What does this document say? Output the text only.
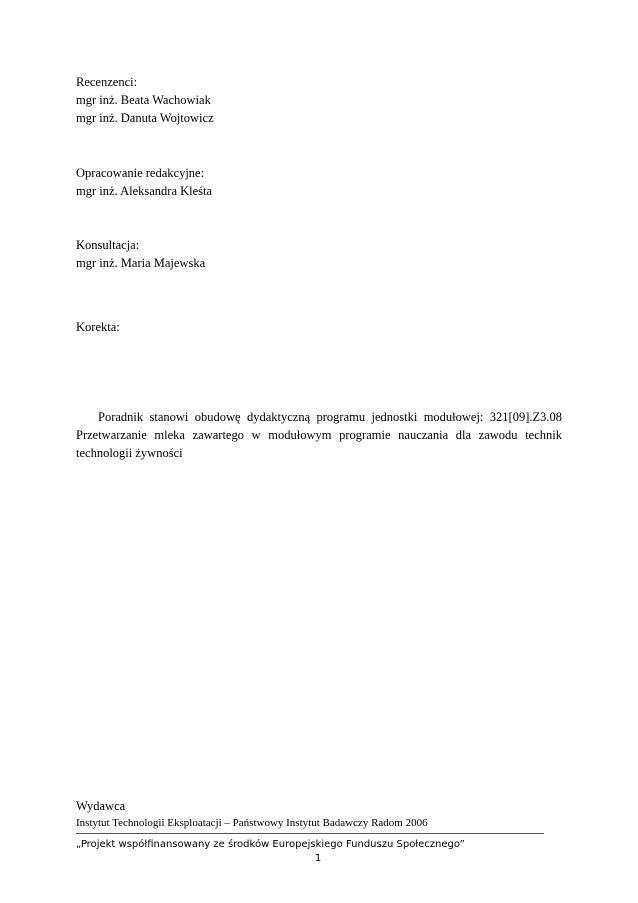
Recenzenci:
mgr inż. Beata Wachowiak
mgr inż. Danuta Wojtowicz
Opracowanie redakcyjne:
mgr inż. Aleksandra Kleśta
Konsultacja:
mgr inż. Maria Majewska
Korekta:

Poradnik stanowi obudowę dydaktyczną programu jednostki modułowej: 321[09].Z3.08 Przetwarzanie mleka zawartego w modułowym programie nauczania dla zawodu technik technologii żywności

Wydawca
Instytut Technologii Eksploatacji – Państwowy Instytut Badawczy Radom 2006
„Projekt współfinansowany ze środków Europejskiego Funduszu Społecznego”
1
